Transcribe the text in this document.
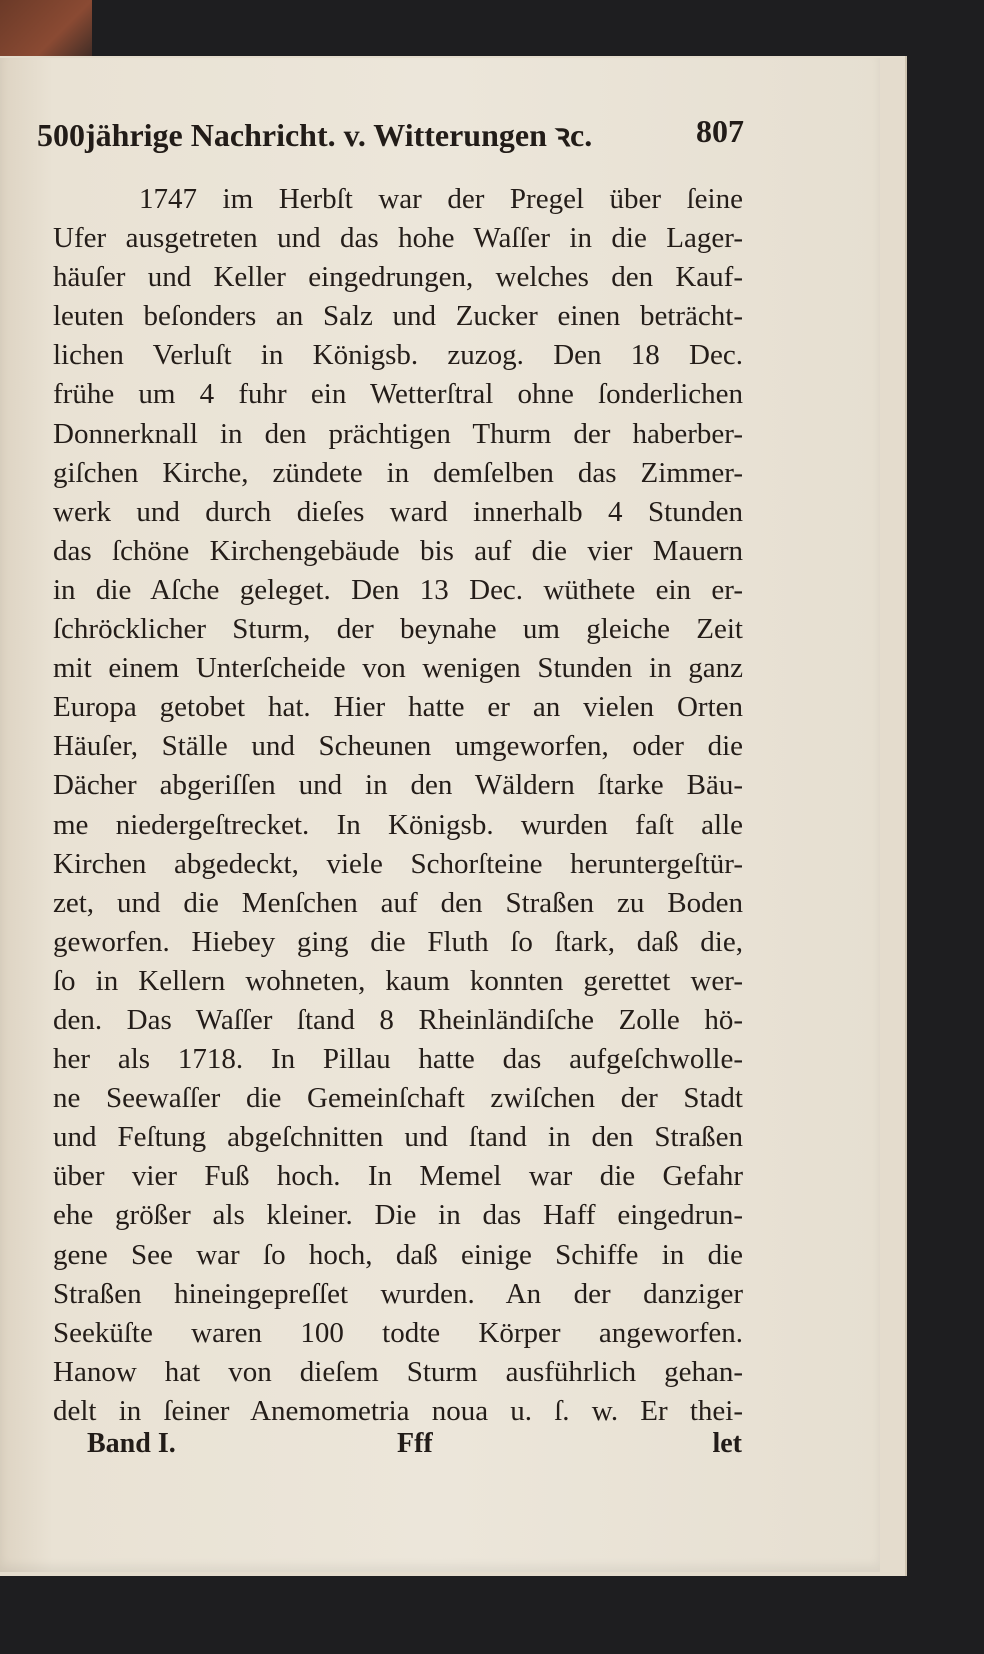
500jährige Nachricht. v. Witterungen ꝛc.	807
1747 im Herbſt war der Pregel über ſeine
Ufer ausgetreten und das hohe Waſſer in die Lager-
häuſer und Keller eingedrungen, welches den Kauf-
leuten beſonders an Salz und Zucker einen beträcht-
lichen Verluſt in Königsb. zuzog. Den 18 Dec.
frühe um 4 fuhr ein Wetterſtral ohne ſonderlichen
Donnerknall in den prächtigen Thurm der haberber-
giſchen Kirche, zündete in demſelben das Zimmer-
werk und durch dieſes ward innerhalb 4 Stunden
das ſchöne Kirchengebäude bis auf die vier Mauern
in die Aſche geleget. Den 13 Dec. wüthete ein er-
ſchröcklicher Sturm, der beynahe um gleiche Zeit
mit einem Unterſcheide von wenigen Stunden in ganz
Europa getobet hat. Hier hatte er an vielen Orten
Häuſer, Ställe und Scheunen umgeworfen, oder die
Dächer abgeriſſen und in den Wäldern ſtarke Bäu-
me niedergeſtrecket. In Königsb. wurden faſt alle
Kirchen abgedeckt, viele Schorſteine heruntergeſtür-
zet, und die Menſchen auf den Straßen zu Boden
geworfen. Hiebey ging die Fluth ſo ſtark, daß die,
ſo in Kellern wohneten, kaum konnten gerettet wer-
den. Das Waſſer ſtand 8 Rheinländiſche Zolle hö-
her als 1718. In Pillau hatte das aufgeſchwolle-
ne Seewaſſer die Gemeinſchaft zwiſchen der Stadt
und Feſtung abgeſchnitten und ſtand in den Straßen
über vier Fuß hoch. In Memel war die Gefahr
ehe größer als kleiner. Die in das Haff eingedrun-
gene See war ſo hoch, daß einige Schiffe in die
Straßen hineingepreſſet wurden. An der danziger
Seeküſte waren 100 todte Körper angeworfen.
Hanow hat von dieſem Sturm ausführlich gehan-
delt in ſeiner Anemometria noua u. ſ. w. Er thei-
Band I.	Fff	let
